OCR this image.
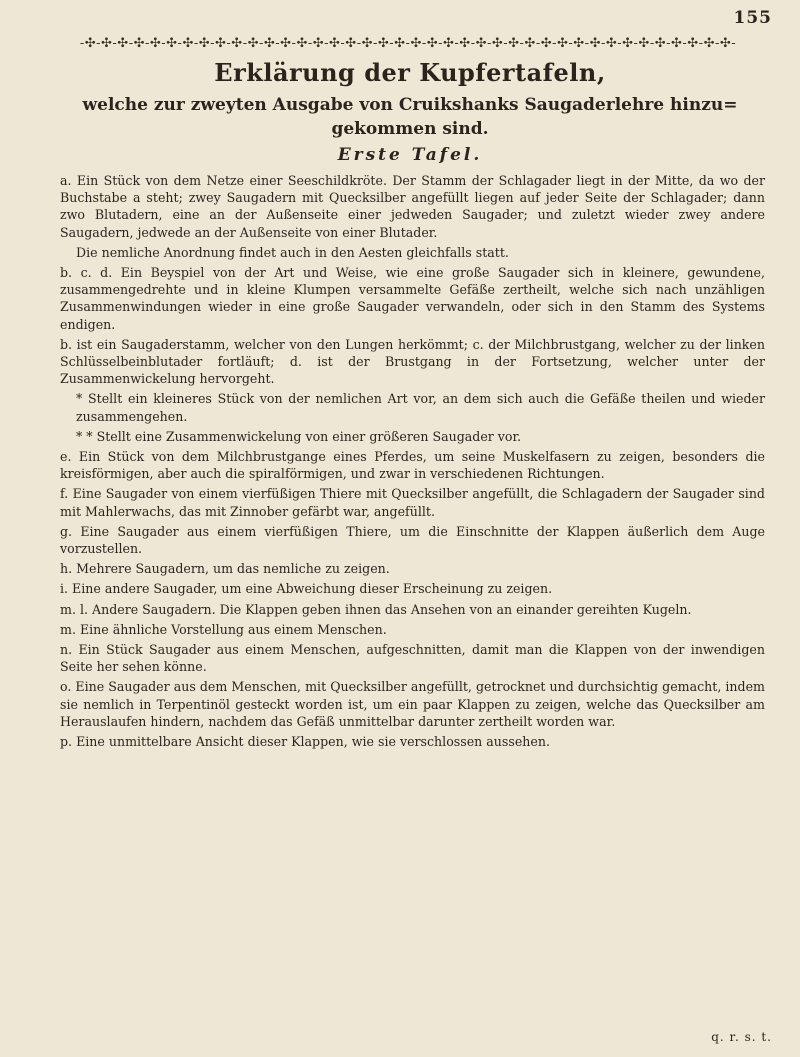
155
-✣-✣-✣-✣-✣-✣-✣-✣-✣-✣-✣-✣-✣-✣-✣-✣-✣-✣-✣-✣-✣-✣-✣-✣-✣-✣-✣-✣-✣-✣-✣-✣-✣-✣-✣-✣-✣-✣-✣-✣-
Erklärung der Kupfertafeln,
welche zur zweyten Ausgabe von Cruikshanks Saugaderlehre hinzu=
gekommen sind.
Erste Tafel.

a. Ein Stück von dem Netze einer Seeschildkröte. Der Stamm der Schlagader liegt in der Mitte, da wo der Buchstabe a steht; zwey Saugadern mit Quecksilber angefüllt liegen auf jeder Seite der Schlagader; dann zwo Blutadern, eine an der Außenseite einer jedweden Saugader; und zuletzt wieder zwey andere Saugadern, jedwede an der Außenseite von einer Blutader.

Die nemliche Anordnung findet auch in den Aesten gleichfalls statt.

b. c. d. Ein Beyspiel von der Art und Weise, wie eine große Saugader sich in kleinere, gewundene, zusammengedrehte und in kleine Klumpen versammelte Gefäße zertheilt, welche sich nach unzähligen Zusammenwindungen wieder in eine große Saugader verwandeln, oder sich in den Stamm des Systems endigen.

b. ist ein Saugaderstamm, welcher von den Lungen herkömmt; c. der Milchbrustgang, welcher zu der linken Schlüsselbeinblutader fortläuft; d. ist der Brustgang in der Fortsetzung, welcher unter der Zusammenwickelung hervorgeht.

* Stellt ein kleineres Stück von der nemlichen Art vor, an dem sich auch die Gefäße theilen und wieder zusammengehen.

* * Stellt eine Zusammenwickelung von einer größeren Saugader vor.

e. Ein Stück von dem Milchbrustgange eines Pferdes, um seine Muskelfasern zu zeigen, besonders die kreisförmigen, aber auch die spiralförmigen, und zwar in verschiedenen Richtungen.

f. Eine Saugader von einem vierfüßigen Thiere mit Quecksilber angefüllt, die Schlagadern der Saugader sind mit Mahlerwachs, das mit Zinnober gefärbt war, angefüllt.

g. Eine Saugader aus einem vierfüßigen Thiere, um die Einschnitte der Klappen äußerlich dem Auge vorzustellen.

h. Mehrere Saugadern, um das nemliche zu zeigen.

i. Eine andere Saugader, um eine Abweichung dieser Erscheinung zu zeigen.

m. l. Andere Saugadern. Die Klappen geben ihnen das Ansehen von an einander gereihten Kugeln.

m. Eine ähnliche Vorstellung aus einem Menschen.

n. Ein Stück Saugader aus einem Menschen, aufgeschnitten, damit man die Klappen von der inwendigen Seite her sehen könne.

o. Eine Saugader aus dem Menschen, mit Quecksilber angefüllt, getrocknet und durchsichtig gemacht, indem sie nemlich in Terpentinöl gesteckt worden ist, um ein paar Klappen zu zeigen, welche das Quecksilber am Herauslaufen hindern, nachdem das Gefäß unmittelbar darunter zertheilt worden war.

p. Eine unmittelbare Ansicht dieser Klappen, wie sie verschlossen aussehen.

q. r. s. t.
